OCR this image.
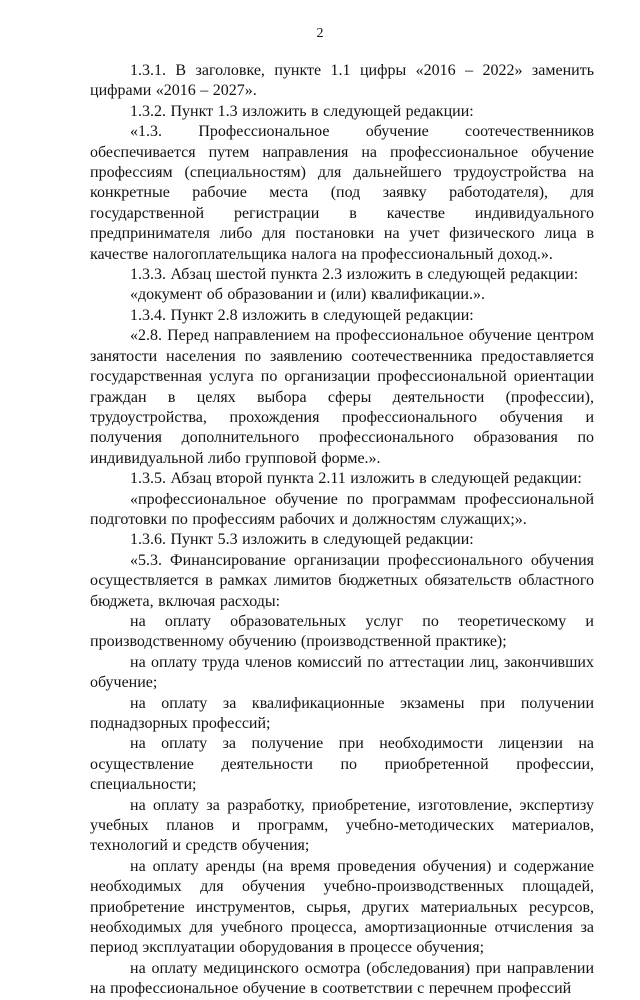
2

1.3.1. В заголовке, пункте 1.1 цифры «2016 – 2022» заменить цифрами «2016 – 2027».

1.3.2. Пункт 1.3 изложить в следующей редакции:

«1.3. Профессиональное обучение соотечественников обеспечивается путем направления на профессиональное обучение профессиям (специальностям) для дальнейшего трудоустройства на конкретные рабочие места (под заявку работодателя), для государственной регистрации в качестве индивидуального предпринимателя либо для постановки на учет физического лица в качестве налогоплательщика налога на профессиональный доход.».

1.3.3. Абзац шестой пункта 2.3 изложить в следующей редакции:

«документ об образовании и (или) квалификации.».

1.3.4. Пункт 2.8 изложить в следующей редакции:

«2.8. Перед направлением на профессиональное обучение центром занятости населения по заявлению соотечественника предоставляется государственная услуга по организации профессиональной ориентации граждан в целях выбора сферы деятельности (профессии), трудоустройства, прохождения профессионального обучения и получения дополнительного профессионального образования по индивидуальной либо групповой форме.».

1.3.5. Абзац второй пункта 2.11 изложить в следующей редакции:

«профессиональное обучение по программам профессиональной подготовки по профессиям рабочих и должностям служащих;».

1.3.6. Пункт 5.3 изложить в следующей редакции:

«5.3. Финансирование организации профессионального обучения осуществляется в рамках лимитов бюджетных обязательств областного бюджета, включая расходы:

на оплату образовательных услуг по теоретическому и производственному обучению (производственной практике);

на оплату труда членов комиссий по аттестации лиц, закончивших обучение;

на оплату за квалификационные экзамены при получении поднадзорных профессий;

на оплату за получение при необходимости лицензии на осуществление деятельности по приобретенной профессии, специальности;

на оплату за разработку, приобретение, изготовление, экспертизу учебных планов и программ, учебно-методических материалов, технологий и средств обучения;

на оплату аренды (на время проведения обучения) и содержание необходимых для обучения учебно-производственных площадей, приобретение инструментов, сырья, других материальных ресурсов, необходимых для учебного процесса, амортизационные отчисления за период эксплуатации оборудования в процессе обучения;

на оплату медицинского осмотра (обследования) при направлении на профессиональное обучение в соответствии с перечнем профессий
